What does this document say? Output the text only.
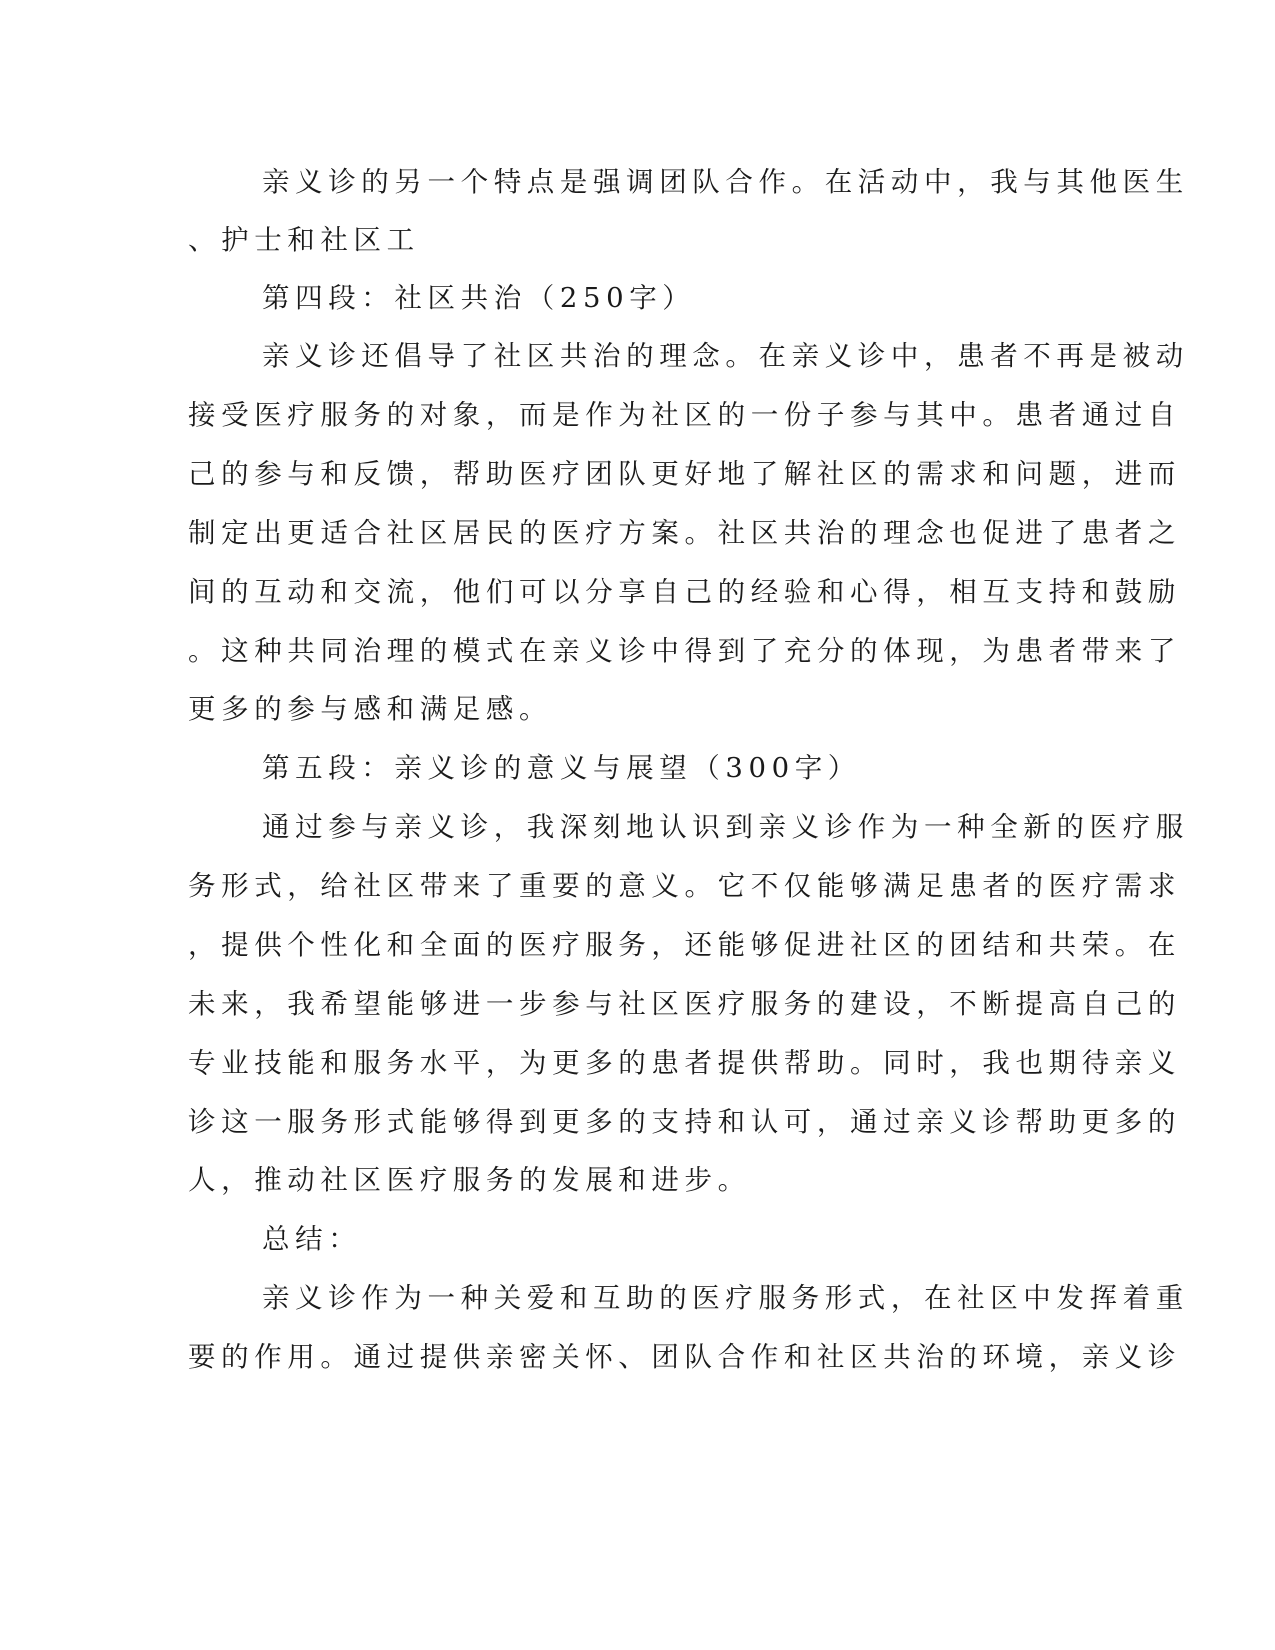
亲义诊的另一个特点是强调团队合作。在活动中，我与其他医生

、护士和社区工

第四段：社区共治（250字）

亲义诊还倡导了社区共治的理念。在亲义诊中，患者不再是被动

接受医疗服务的对象，而是作为社区的一份子参与其中。患者通过自

己的参与和反馈，帮助医疗团队更好地了解社区的需求和问题，进而

制定出更适合社区居民的医疗方案。社区共治的理念也促进了患者之

间的互动和交流，他们可以分享自己的经验和心得，相互支持和鼓励

。这种共同治理的模式在亲义诊中得到了充分的体现，为患者带来了

更多的参与感和满足感。

第五段：亲义诊的意义与展望（300字）

通过参与亲义诊，我深刻地认识到亲义诊作为一种全新的医疗服

务形式，给社区带来了重要的意义。它不仅能够满足患者的医疗需求

，提供个性化和全面的医疗服务，还能够促进社区的团结和共荣。在

未来，我希望能够进一步参与社区医疗服务的建设，不断提高自己的

专业技能和服务水平，为更多的患者提供帮助。同时，我也期待亲义

诊这一服务形式能够得到更多的支持和认可，通过亲义诊帮助更多的

人，推动社区医疗服务的发展和进步。

总结：

亲义诊作为一种关爱和互助的医疗服务形式，在社区中发挥着重

要的作用。通过提供亲密关怀、团队合作和社区共治的环境，亲义诊
